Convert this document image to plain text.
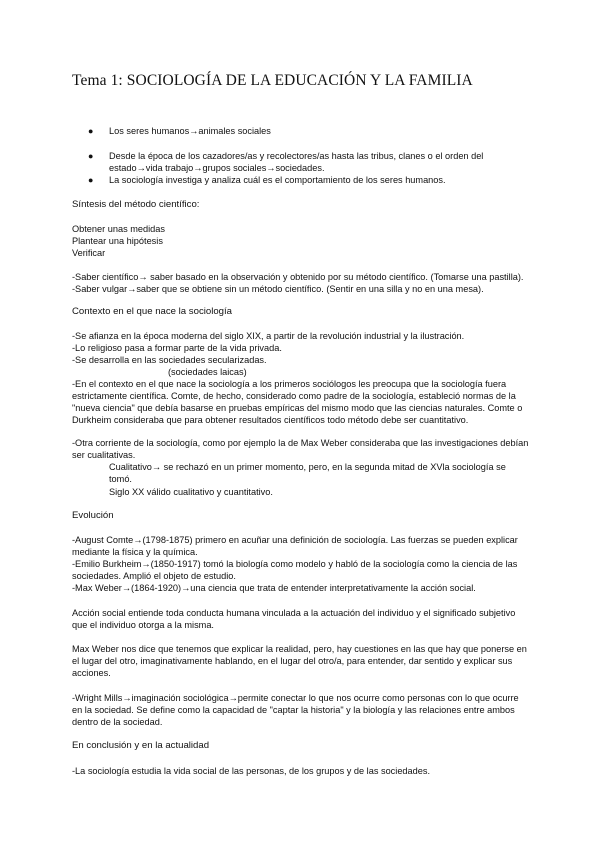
Tema 1: SOCIOLOGÍA DE LA EDUCACIÓN Y LA FAMILIA
● Los seres humanos→animales sociales
● Desde la época de los cazadores/as y recolectores/as hasta las tribus, clanes o el orden del
estado→vida trabajo→grupos sociales→sociedades.
● La sociología investiga y analiza cuál es el comportamiento de los seres humanos.
Síntesis del método científico:
Obtener unas medidas
Plantear una hipótesis
Verificar
-Saber científico→ saber basado en la observación y obtenido por su método científico. (Tomarse una pastilla).
-Saber vulgar→saber que se obtiene sin un método científico. (Sentir en una silla y no en una mesa).
Contexto en el que nace la sociología
-Se afianza en la época moderna del siglo XIX, a partir de la revolución industrial y la ilustración.
-Lo religioso pasa a formar parte de la vida privada.
-Se desarrolla en las sociedades secularizadas.
(sociedades laicas)
-En el contexto en el que nace la sociología a los primeros sociólogos les preocupa que la sociología fuera
estrictamente científica. Comte, de hecho, considerado como padre de la sociología, estableció normas de la
"nueva ciencia" que debía basarse en pruebas empíricas del mismo modo que las ciencias naturales. Comte o
Durkheim consideraba que para obtener resultados científicos todo método debe ser cuantitativo.
-Otra corriente de la sociología, como por ejemplo la de Max Weber consideraba que las investigaciones debían
ser cualitativas.
Cualitativo→ se rechazó en un primer momento, pero, en la segunda mitad de XVla sociología se
tomó.
Siglo XX válido cualitativo y cuantitativo.
Evolución
-August Comte→(1798-1875) primero en acuñar una definición de sociología. Las fuerzas se pueden explicar
mediante la física y la química.
-Emilio Burkheim→(1850-1917) tomó la biología como modelo y habló de la sociología como la ciencia de las
sociedades. Amplió el objeto de estudio.
-Max Weber→(1864-1920)→una ciencia que trata de entender interpretativamente la acción social.
Acción social entiende toda conducta humana vinculada a la actuación del individuo y el significado subjetivo
que el individuo otorga a la misma.
Max Weber nos dice que tenemos que explicar la realidad, pero, hay cuestiones en las que hay que ponerse en
el lugar del otro, imaginativamente hablando, en el lugar del otro/a, para entender, dar sentido y explicar sus
acciones.
-Wright Mills→imaginación sociológica→permite conectar lo que nos ocurre como personas con lo que ocurre
en la sociedad. Se define como la capacidad de "captar la historia" y la biología y las relaciones entre ambos
dentro de la sociedad.
En conclusión y en la actualidad
-La sociología estudia la vida social de las personas, de los grupos y de las sociedades.
